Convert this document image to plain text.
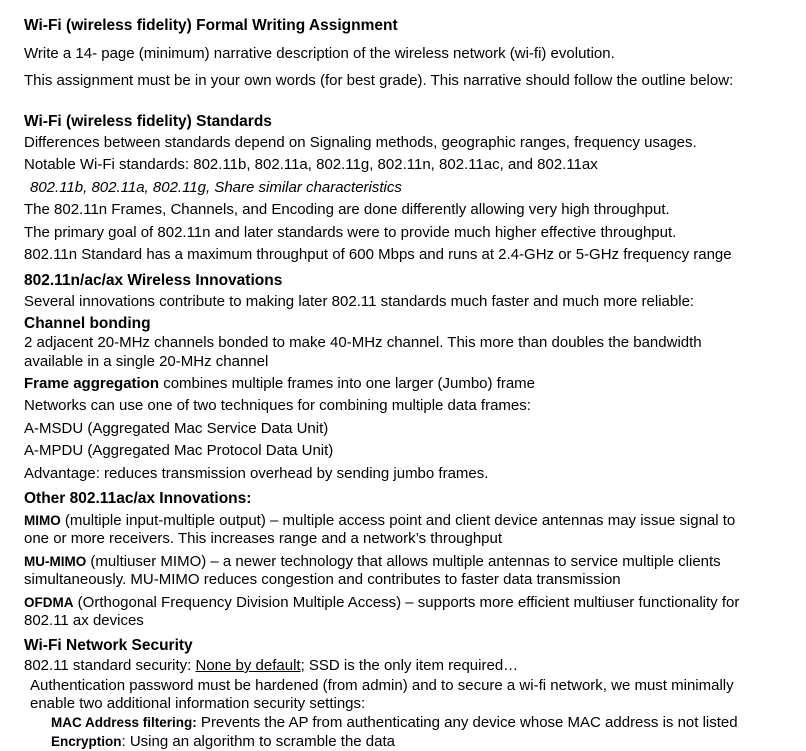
Wi-Fi (wireless fidelity) Formal Writing Assignment

Write a 14- page (minimum) narrative description of the wireless network (wi-fi) evolution.

This assignment must be in your own words (for best grade). This narrative should follow the outline below:

Wi-Fi (wireless fidelity) Standards

Differences between standards depend on Signaling methods, geographic ranges, frequency usages.

Notable Wi-Fi standards: 802.11b, 802.11a, 802.11g, 802.11n, 802.11ac, and 802.11ax

802.11b, 802.11a, 802.11g, Share similar characteristics

The 802.11n Frames, Channels, and Encoding are done differently allowing very high throughput.

The primary goal of 802.11n and later standards were to provide much higher effective throughput.

802.11n Standard has a maximum throughput of 600 Mbps and runs at 2.4-GHz or 5-GHz frequency range

802.11n/ac/ax Wireless Innovations

Several innovations contribute to making later 802.11 standards much faster and much more reliable:

Channel bonding

2 adjacent 20-MHz channels bonded to make 40-MHz channel. This more than doubles the bandwidth

available in a single 20-MHz channel

Frame aggregation combines multiple frames into one larger (Jumbo) frame

Networks can use one of two techniques for combining multiple data frames:

A-MSDU (Aggregated Mac Service Data Unit)

A-MPDU (Aggregated Mac Protocol Data Unit)

Advantage: reduces transmission overhead by sending jumbo frames.

Other 802.11ac/ax Innovations:

MIMO (multiple input-multiple output) – multiple access point and client device antennas may issue signal to

one or more receivers. This increases range and a network’s throughput

MU-MIMO (multiuser MIMO) – a newer technology that allows multiple antennas to service multiple clients

simultaneously. MU-MIMO reduces congestion and contributes to faster data transmission

OFDMA (Orthogonal Frequency Division Multiple Access) – supports more efficient multiuser functionality for

802.11 ax devices

Wi-Fi Network Security

802.11 standard security: None by default; SSD is the only item required…

Authentication password must be hardened (from admin) and to secure a wi-fi network, we must minimally

enable two additional information security settings:

MAC Address filtering: Prevents the AP from authenticating any device whose MAC address is not listed

Encryption: Using an algorithm to scramble the data
